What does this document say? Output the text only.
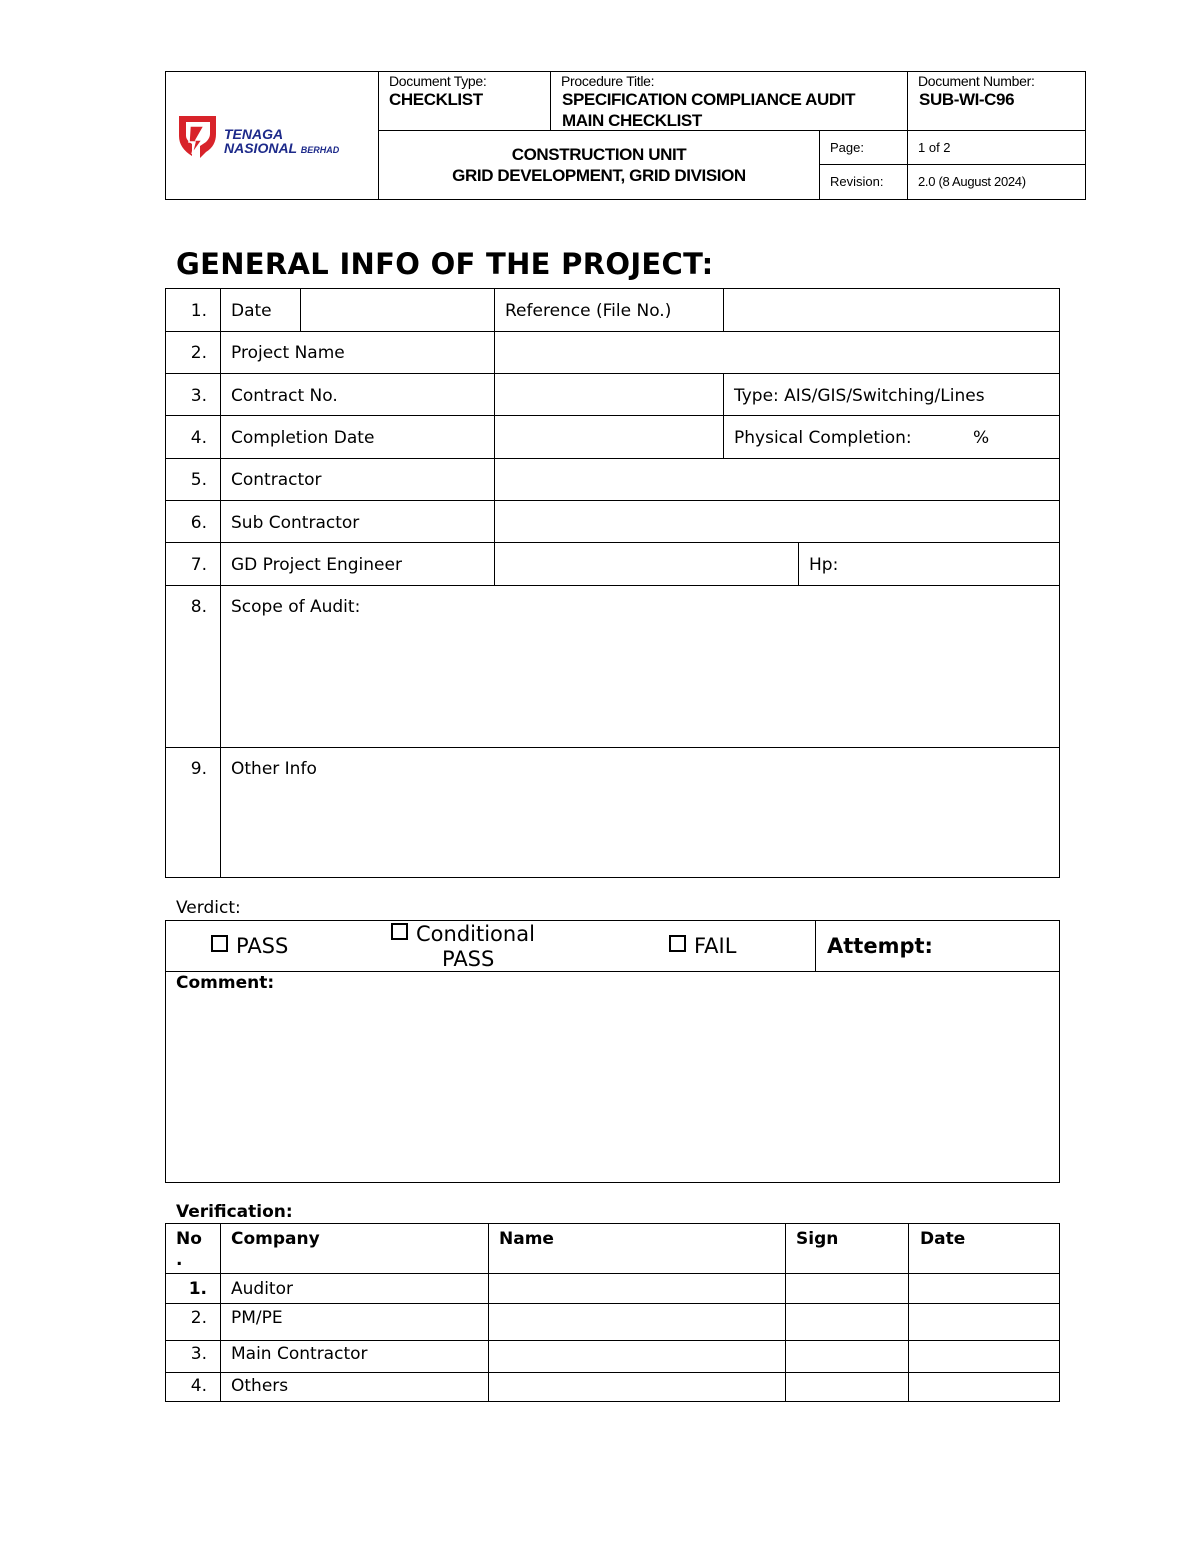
TENAGA
NASIONAL BERHAD
Document Type:
CHECKLIST
Procedure Title:
SPECIFICATION COMPLIANCE AUDIT
MAIN CHECKLIST
Document Number:
SUB-WI-C96
CONSTRUCTION UNIT
GRID DEVELOPMENT, GRID DIVISION
Page:	1 of 2
Revision:	2.0 (8 August 2024)
GENERAL INFO OF THE PROJECT:
1. Date	Reference (File No.)
2. Project Name
3. Contract No.	Type: AIS/GIS/Switching/Lines
4. Completion Date	Physical Completion:	%
5. Contractor
6. Sub Contractor
7. GD Project Engineer	Hp:
8. Scope of Audit:
9. Other Info
Verdict:
PASS	Conditional
PASS
FAIL	Attempt:
Comment:
Verification:
No
.
Company	Name	Sign	Date
1. Auditor
2. PM/PE
3. Main Contractor
4. Others
